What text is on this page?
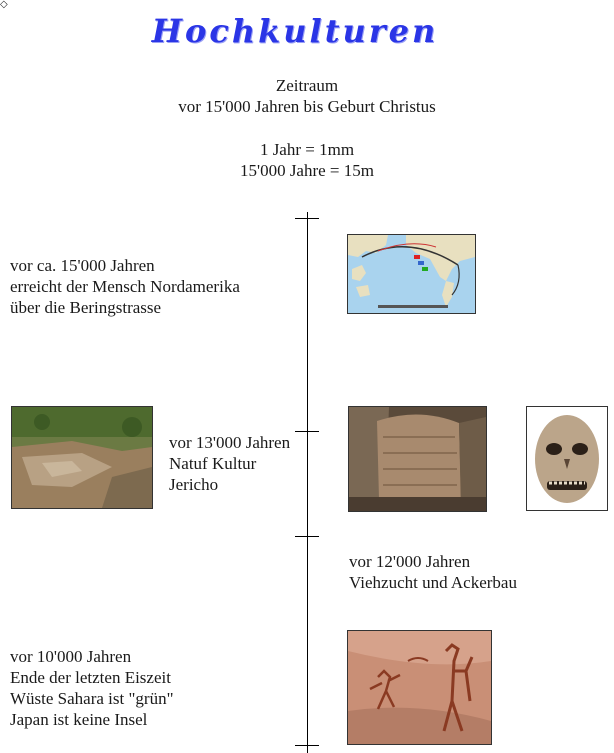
◇
Hochkulturen
Zeitraum
vor 15'000 Jahren bis Geburt Christus
1 Jahr = 1mm
15'000 Jahre = 15m
vor ca. 15'000 Jahren
erreicht der Mensch Nordamerika
über die Beringstrasse
vor 13'000 Jahren
Natuf Kultur
Jericho
vor 12'000 Jahren
Viehzucht und Ackerbau
vor 10'000 Jahren
Ende der letzten Eiszeit
Wüste Sahara ist "grün"
Japan ist keine Insel
